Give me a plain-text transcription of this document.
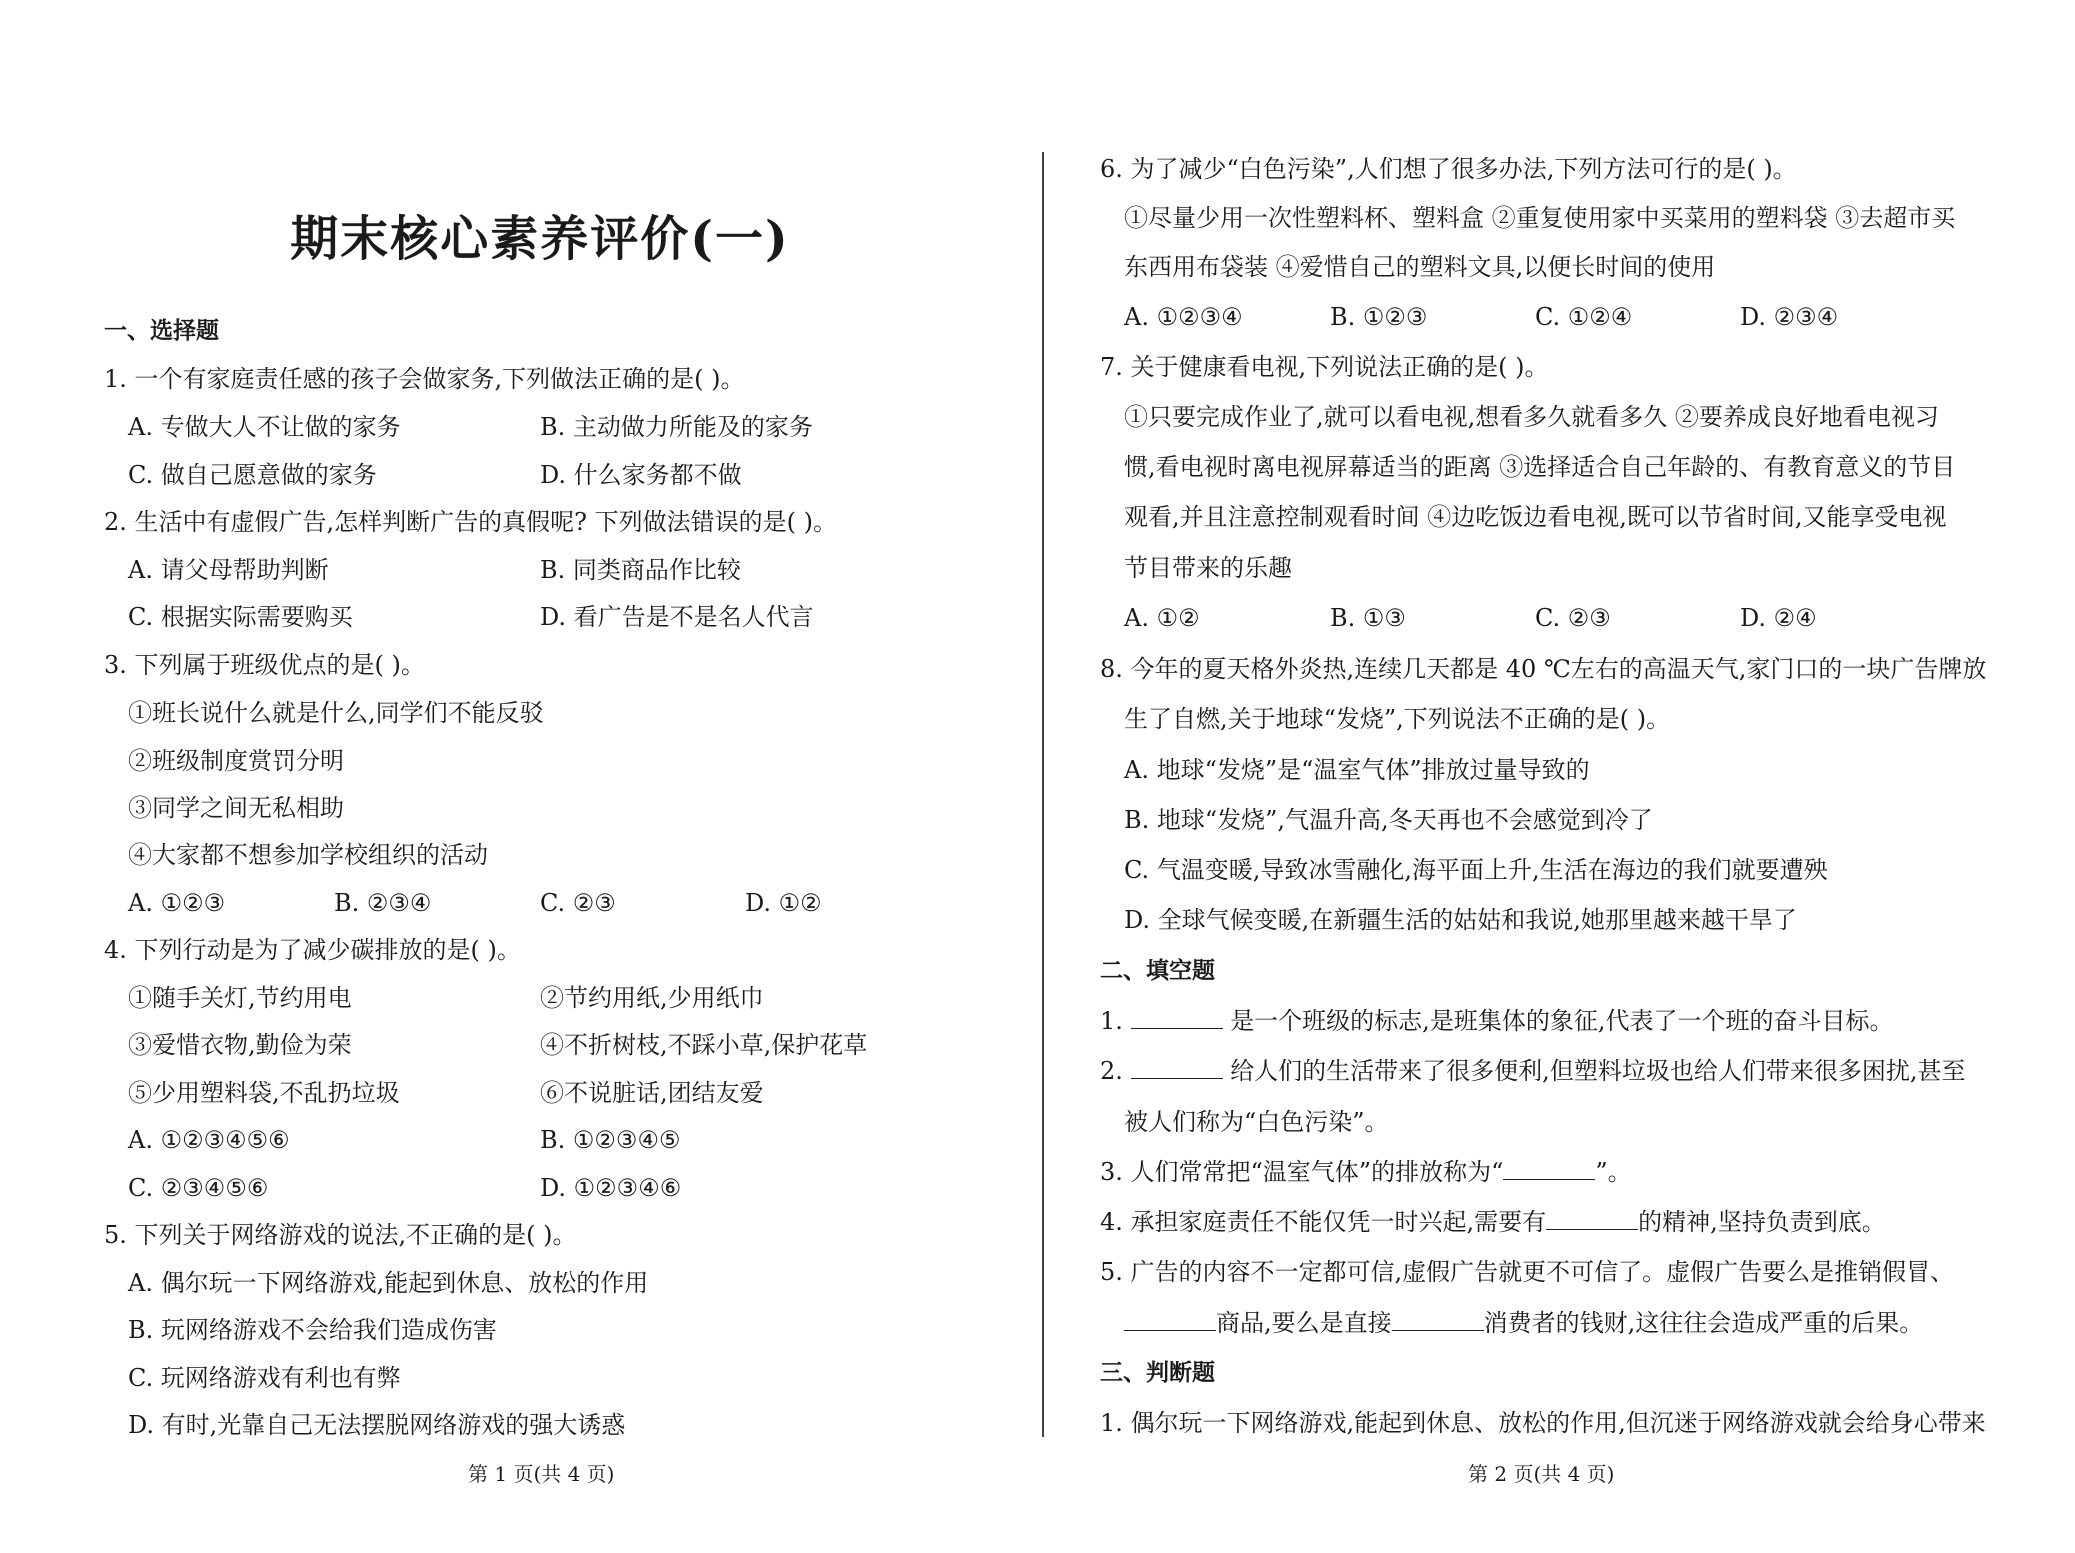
期末核心素养评价(一)
一、选择题
1. 一个有家庭责任感的孩子会做家务,下列做法正确的是( )。
A. 专做大人不让做的家务	B. 主动做力所能及的家务
C. 做自己愿意做的家务	D. 什么家务都不做
2. 生活中有虚假广告,怎样判断广告的真假呢? 下列做法错误的是( )。
A. 请父母帮助判断	B. 同类商品作比较
C. 根据实际需要购买	D. 看广告是不是名人代言
3. 下列属于班级优点的是( )。
①班长说什么就是什么,同学们不能反驳
②班级制度赏罚分明
③同学之间无私相助
④大家都不想参加学校组织的活动
A. ①②③	B. ②③④	C. ②③	D. ①②
4. 下列行动是为了减少碳排放的是( )。
①随手关灯,节约用电	②节约用纸,少用纸巾
③爱惜衣物,勤俭为荣	④不折树枝,不踩小草,保护花草
⑤少用塑料袋,不乱扔垃圾	⑥不说脏话,团结友爱
A. ①②③④⑤⑥	B. ①②③④⑤
C. ②③④⑤⑥	D. ①②③④⑥
5. 下列关于网络游戏的说法,不正确的是( )。
A. 偶尔玩一下网络游戏,能起到休息、放松的作用
B. 玩网络游戏不会给我们造成伤害
C. 玩网络游戏有利也有弊
D. 有时,光靠自己无法摆脱网络游戏的强大诱惑
第 1 页(共 4 页)
6. 为了减少“白色污染”,人们想了很多办法,下列方法可行的是( )。
①尽量少用一次性塑料杯、塑料盒 ②重复使用家中买菜用的塑料袋 ③去超市买
东西用布袋装 ④爱惜自己的塑料文具,以便长时间的使用
A. ①②③④	B. ①②③	C. ①②④	D. ②③④
7. 关于健康看电视,下列说法正确的是( )。
①只要完成作业了,就可以看电视,想看多久就看多久 ②要养成良好地看电视习
惯,看电视时离电视屏幕适当的距离 ③选择适合自己年龄的、有教育意义的节目
观看,并且注意控制观看时间 ④边吃饭边看电视,既可以节省时间,又能享受电视
节目带来的乐趣
A. ①②	B. ①③	C. ②③	D. ②④
8. 今年的夏天格外炎热,连续几天都是 40 ℃左右的高温天气,家门口的一块广告牌放
生了自燃,关于地球“发烧”,下列说法不正确的是( )。
A. 地球“发烧”是“温室气体”排放过量导致的
B. 地球“发烧”,气温升高,冬天再也不会感觉到冷了
C. 气温变暖,导致冰雪融化,海平面上升,生活在海边的我们就要遭殃
D. 全球气候变暖,在新疆生活的姑姑和我说,她那里越来越干旱了
二、填空题
1.	是一个班级的标志,是班集体的象征,代表了一个班的奋斗目标。
2.	给人们的生活带来了很多便利,但塑料垃圾也给人们带来很多困扰,甚至
被人们称为“白色污染”。
3. 人们常常把“温室气体”的排放称为“	”。
4. 承担家庭责任不能仅凭一时兴起,需要有	的精神,坚持负责到底。
5. 广告的内容不一定都可信,虚假广告就更不可信了。虚假广告要么是推销假冒、
商品,要么是直接	消费者的钱财,这往往会造成严重的后果。
三、判断题
1. 偶尔玩一下网络游戏,能起到休息、放松的作用,但沉迷于网络游戏就会给身心带来
第 2 页(共 4 页)
